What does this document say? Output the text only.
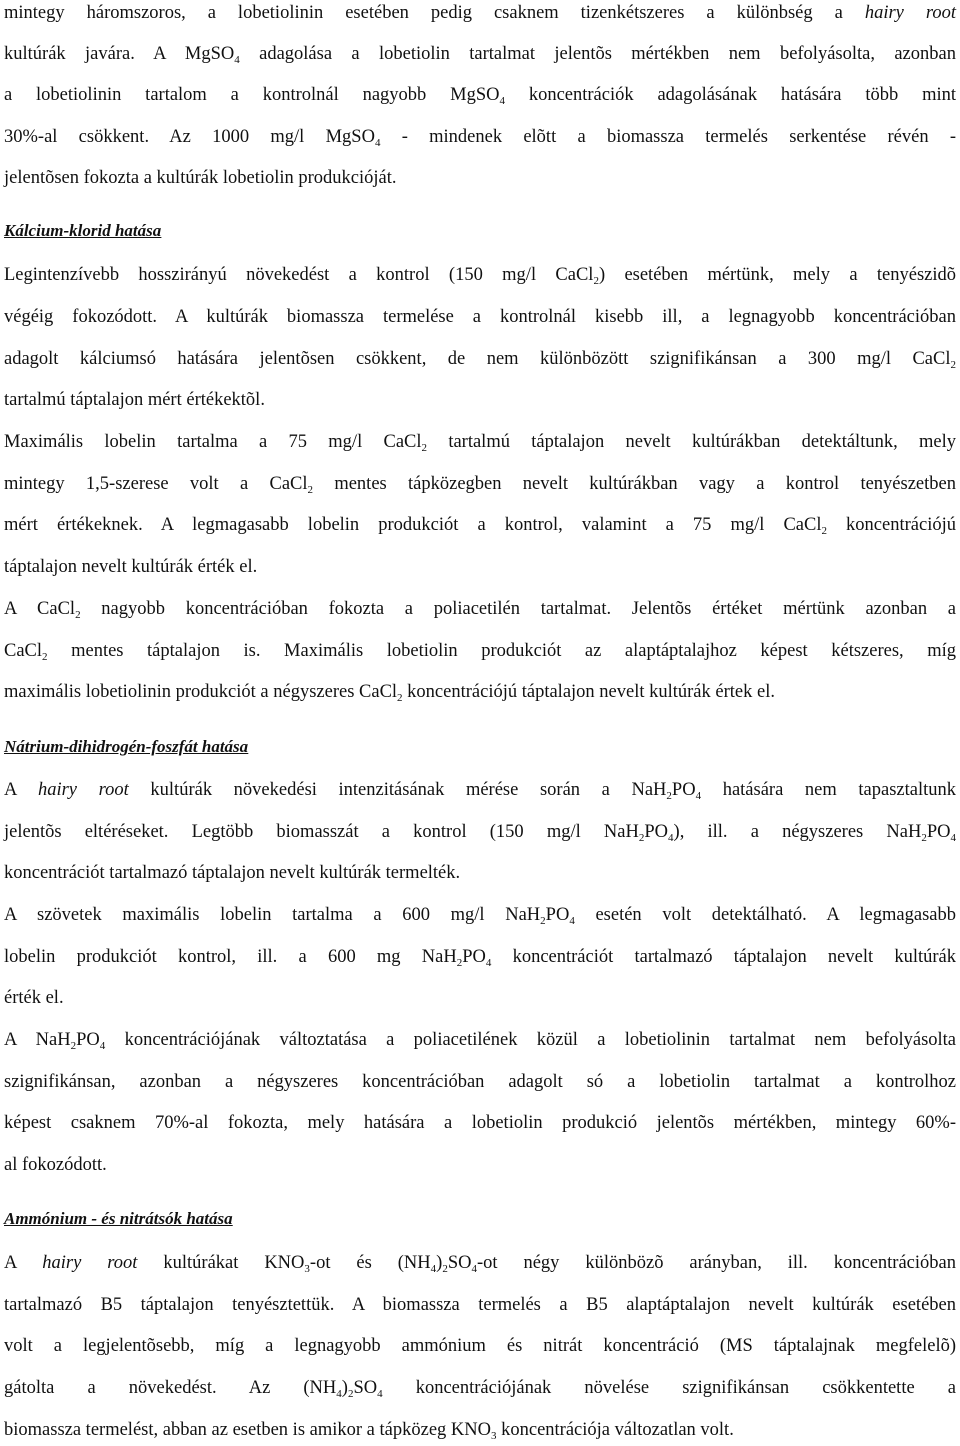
mintegy háromszoros, a lobetiolinin esetében pedig csaknem tizenkétszeres a különbség a hairy root
kultúrák javára. A MgSO$_4$ adagolása a lobetiolin tartalmat jelentõs mértékben nem befolyásolta, azonban
a lobetiolinin tartalom a kontrolnál nagyobb MgSO$_4$ koncentrációk adagolásának hatására több mint
30%-al csökkent. Az 1000 mg/l MgSO$_4$ - mindenek elõtt a biomassza termelés serkentése révén -
jelentõsen fokozta a kultúrák lobetiolin produkcióját.
Kálcium-klorid hatása
Legintenzívebb hosszirányú növekedést a kontrol (150 mg/l CaCl$_2$) esetében mértünk, mely a tenyészidõ
végéig fokozódott. A kultúrák biomassza termelése a kontrolnál kisebb ill, a legnagyobb koncentrációban
adagolt kálciumsó hatására jelentõsen csökkent, de nem különbözött szignifikánsan a 300 mg/l CaCl$_2$
tartalmú táptalajon mért értékektõl.
Maximális lobelin tartalma a 75 mg/l CaCl$_2$ tartalmú táptalajon nevelt kultúrákban detektáltunk, mely
mintegy 1,5-szerese volt a CaCl$_2$ mentes tápközegben nevelt kultúrákban vagy a kontrol tenyészetben
mért értékeknek. A legmagasabb lobelin produkciót a kontrol, valamint a 75 mg/l CaCl$_2$ koncentrációjú
táptalajon nevelt kultúrák érték el.
A CaCl$_2$ nagyobb koncentrációban fokozta a poliacetilén tartalmat. Jelentõs értéket mértünk azonban a
CaCl$_2$ mentes táptalajon is. Maximális lobetiolin produkciót az alaptáptalajhoz képest kétszeres, míg
maximális lobetiolinin produkciót a négyszeres CaCl$_2$ koncentrációjú táptalajon nevelt kultúrák értek el.
Nátrium-dihidrogén-foszfát hatása
A hairy root kultúrák növekedési intenzitásának mérése során a $NaH_2PO_4$ hatására nem tapasztaltunk
jelentõs eltéréseket. Legtöbb biomasszát a kontrol (150 mg/l $NaH_2PO_4$), ill. a négyszeres $NaH_2PO_4$
koncentrációt tartalmazó táptalajon nevelt kultúrák termelték.
A szövetek maximális lobelin tartalma a 600 mg/l $NaH_2PO_4$ esetén volt detektálható. A legmagasabb
lobelin produkciót kontrol, ill. a 600 mg $NaH_2PO_4$ koncentrációt tartalmazó táptalajon nevelt kultúrák
érték el.
A $NaH_2PO_4$ koncentrációjának változtatása a poliacetilének közül a lobetiolinin tartalmat nem befolyásolta
szignifikánsan, azonban a négyszeres koncentrációban adagolt só a lobetiolin tartalmat a kontrolhoz
képest csaknem 70%-al fokozta, mely hatására a lobetiolin produkció jelentõs mértékben, mintegy 60%-
al fokozódott.
Ammónium - és nitrátsók hatása
A hairy root kultúrákat $KNO_3-ot$ és $(NH_4)_2SO_4-ot$ négy különbözõ arányban, ill. koncentrációban
tartalmazó B5 táptalajon tenyésztettük. A biomassza termelés a B5 alaptáptalajon nevelt kultúrák esetében
volt a legjelentõsebb, míg a legnagyobb ammónium és nitrát koncentráció (MS táptalajnak megfelelõ)
gátolta a növekedést. Az $(NH_4)_2SO_4$ koncentrációjának növelése szignifikánsan csökkentette a
biomassza termelést, abban az esetben is amikor a tápközeg $KNO_3$ koncentrációja változatlan volt.
